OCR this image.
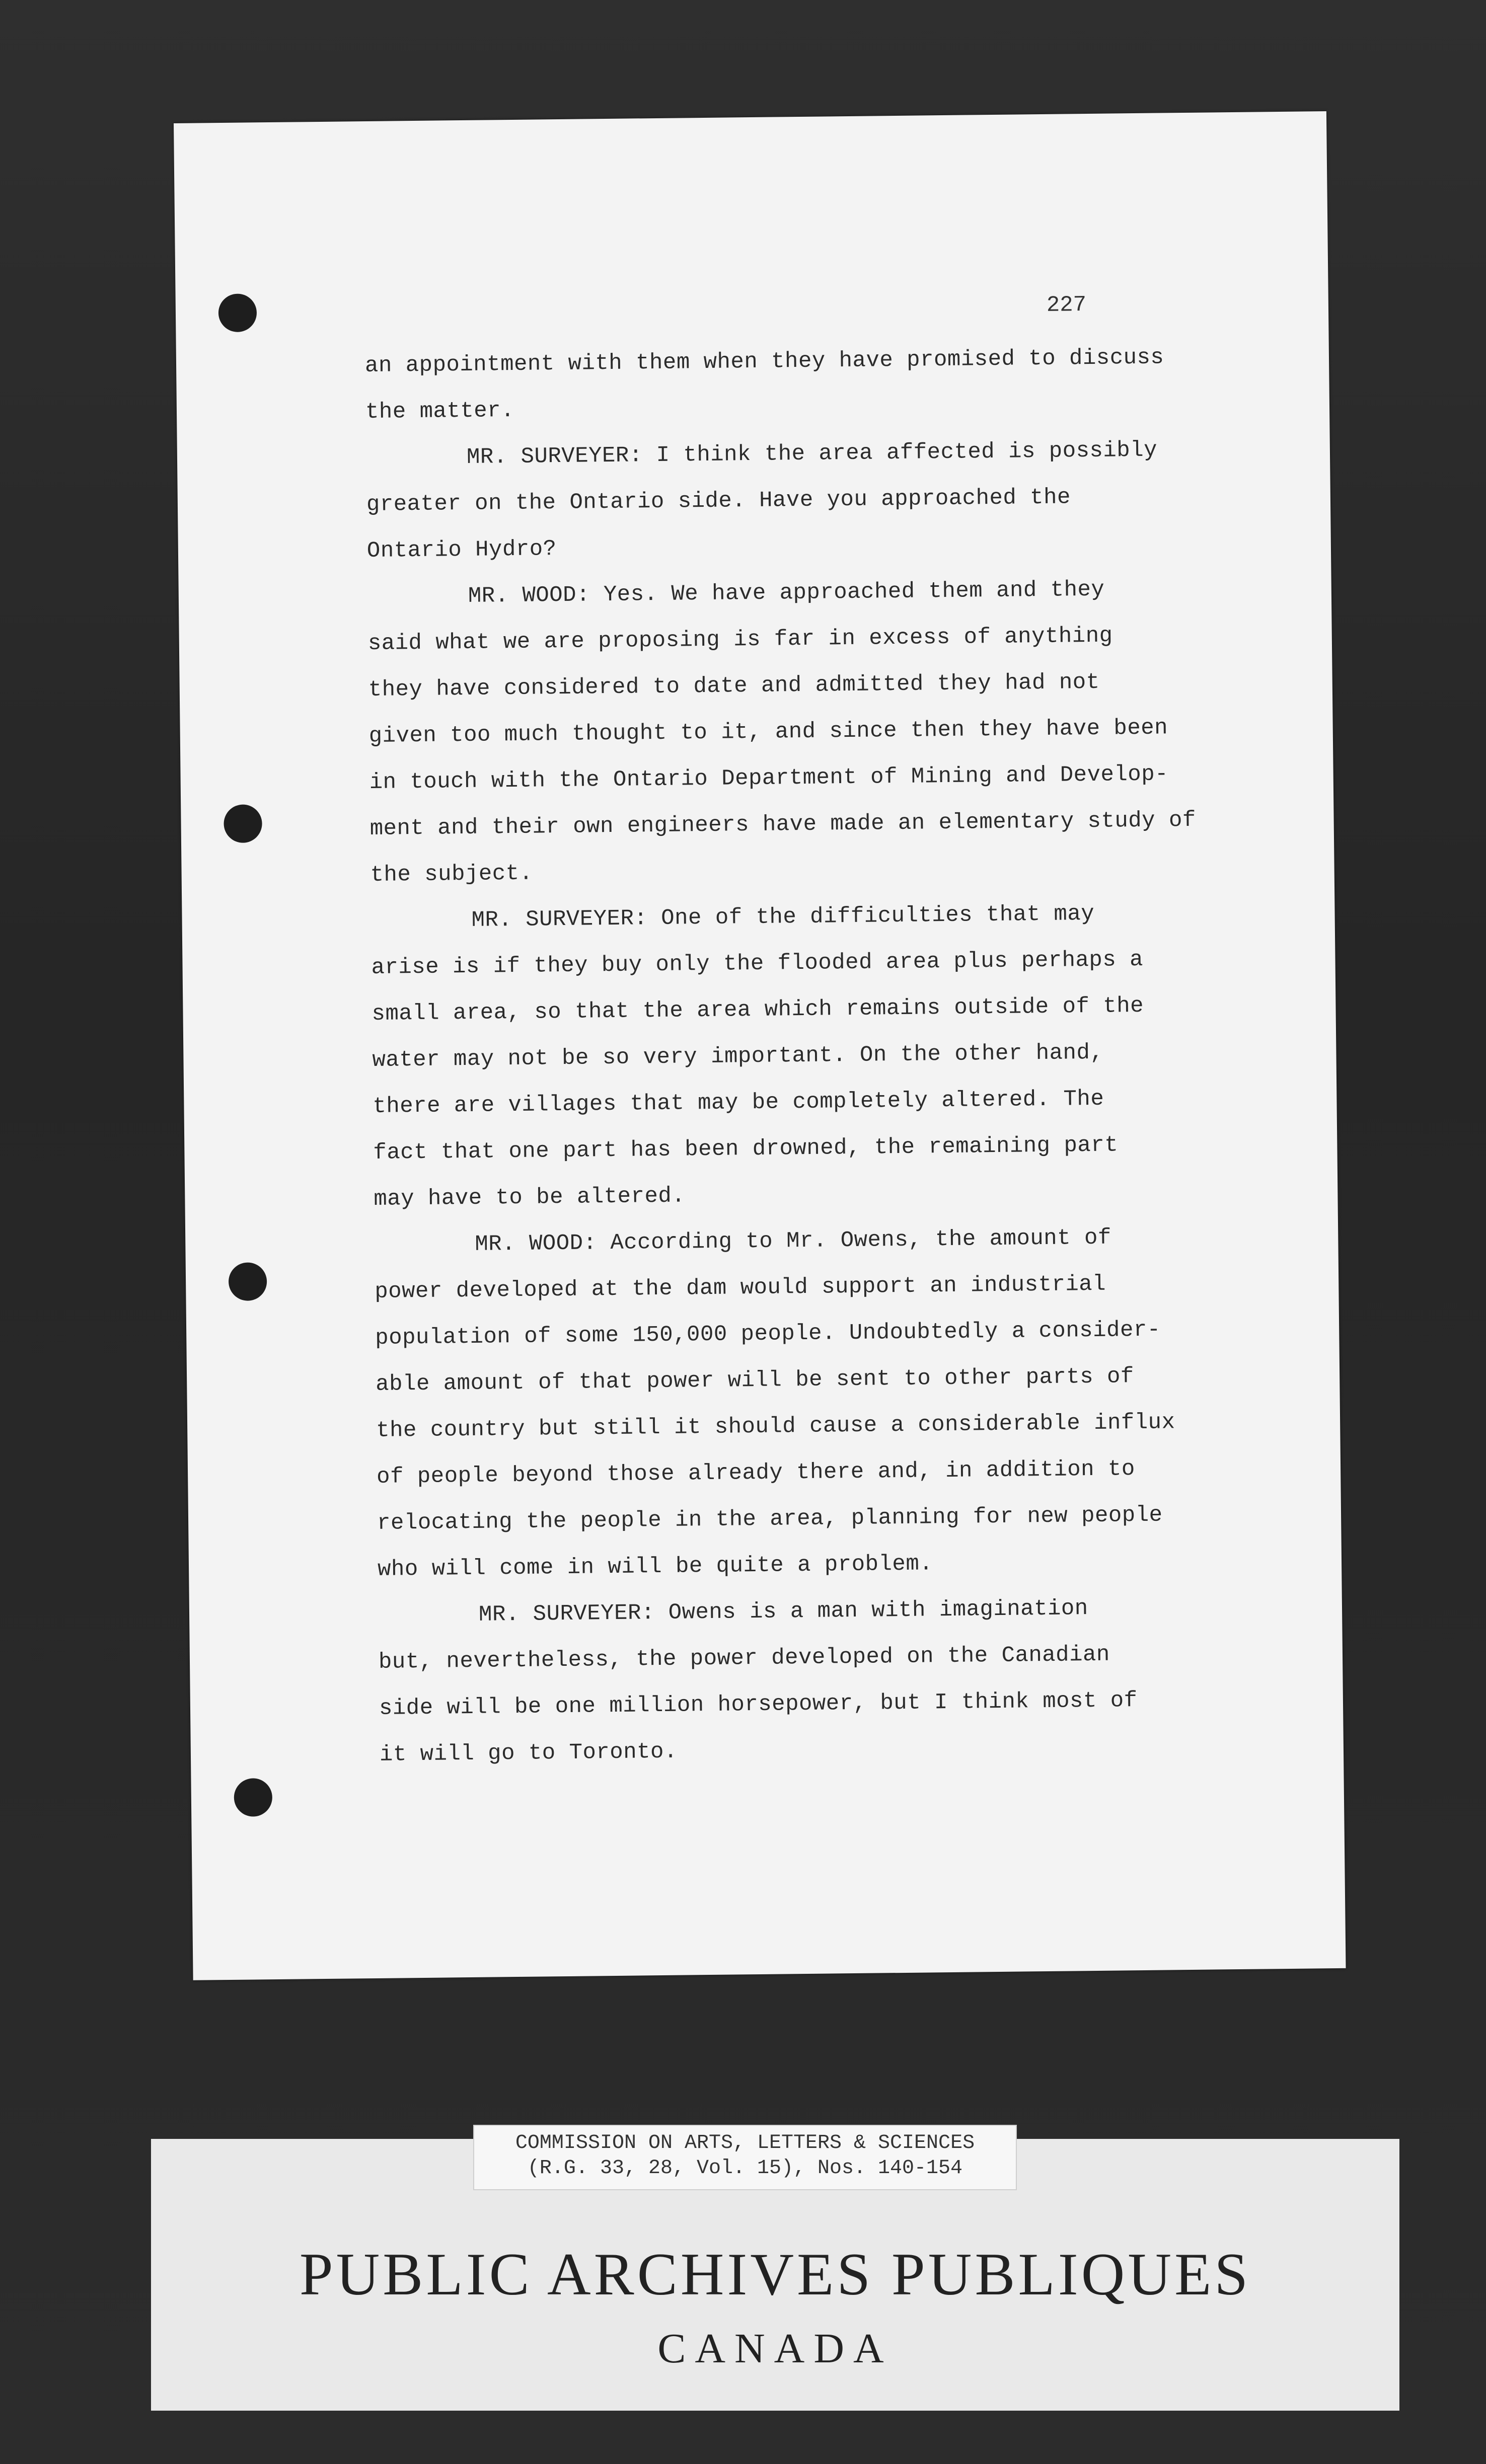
227
an appointment with them when they have promised to discuss
the matter.
MR. SURVEYER: I think the area affected is possibly
greater on the Ontario side. Have you approached the
Ontario Hydro?
MR. WOOD: Yes. We have approached them and they
said what we are proposing is far in excess of anything
they have considered to date and admitted they had not
given too much thought to it, and since then they have been
in touch with the Ontario Department of Mining and Develop-
ment and their own engineers have made an elementary study of
the subject.
MR. SURVEYER: One of the difficulties that may
arise is if they buy only the flooded area plus perhaps a
small area, so that the area which remains outside of the
water may not be so very important. On the other hand,
there are villages that may be completely altered. The
fact that one part has been drowned, the remaining part
may have to be altered.
MR. WOOD: According to Mr. Owens, the amount of
power developed at the dam would support an industrial
population of some 150,000 people. Undoubtedly a consider-
able amount of that power will be sent to other parts of
the country but still it should cause a considerable influx
of people beyond those already there and, in addition to
relocating the people in the area, planning for new people
who will come in will be quite a problem.
MR. SURVEYER: Owens is a man with imagination
but, nevertheless, the power developed on the Canadian
side will be one million horsepower, but I think most of
it will go to Toronto.
COMMISSION ON ARTS, LETTERS & SCIENCES
(R.G. 33, 28, Vol. 15), Nos. 140-154
PUBLIC ARCHIVES PUBLIQUES
CANADA
